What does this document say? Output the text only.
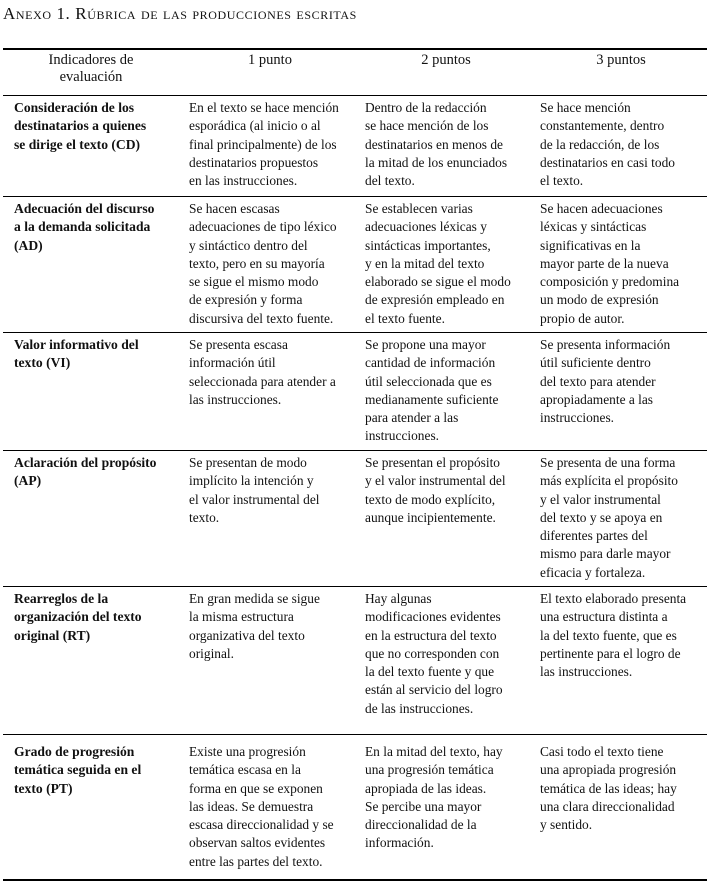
Anexo 1. Rúbrica de las producciones escritas
Indicadores de
evaluación
1 punto	2 puntos	3 puntos
Consideración de los
destinatarios a quienes
se dirige el texto (CD)
En el texto se hace mención
esporádica (al inicio o al
final principalmente) de los
destinatarios propuestos
en las instrucciones.
Dentro de la redacción
se hace mención de los
destinatarios en menos de
la mitad de los enunciados
del texto.
Se hace mención
constantemente, dentro
de la redacción, de los
destinatarios en casi todo
el texto.
Adecuación del discurso
a la demanda solicitada
(AD)
Se hacen escasas
adecuaciones de tipo léxico
y sintáctico dentro del
texto, pero en su mayoría
se sigue el mismo modo
de expresión y forma
discursiva del texto fuente.
Se establecen varias
adecuaciones léxicas y
sintácticas importantes,
y en la mitad del texto
elaborado se sigue el modo
de expresión empleado en
el texto fuente.
Se hacen adecuaciones
léxicas y sintácticas
significativas en la
mayor parte de la nueva
composición y predomina
un modo de expresión
propio de autor.
Valor informativo del
texto (VI)
Se presenta escasa
información útil
seleccionada para atender a
las instrucciones.
Se propone una mayor
cantidad de información
útil seleccionada que es
medianamente suficiente
para atender a las
instrucciones.
Se presenta información
útil suficiente dentro
del texto para atender
apropiadamente a las
instrucciones.
Aclaración del propósito
(AP)
Se presentan de modo
implícito la intención y
el valor instrumental del
texto.
Se presentan el propósito
y el valor instrumental del
texto de modo explícito,
aunque incipientemente.
Se presenta de una forma
más explícita el propósito
y el valor instrumental
del texto y se apoya en
diferentes partes del
mismo para darle mayor
eficacia y fortaleza.
Rearreglos de la
organización del texto
original (RT)
En gran medida se sigue
la misma estructura
organizativa del texto
original.
Hay algunas
modificaciones evidentes
en la estructura del texto
que no corresponden con
la del texto fuente y que
están al servicio del logro
de las instrucciones.
El texto elaborado presenta
una estructura distinta a
la del texto fuente, que es
pertinente para el logro de
las instrucciones.
Grado de progresión
temática seguida en el
texto (PT)
Existe una progresión
temática escasa en la
forma en que se exponen
las ideas. Se demuestra
escasa direccionalidad y se
observan saltos evidentes
entre las partes del texto.
En la mitad del texto, hay
una progresión temática
apropiada de las ideas.
Se percibe una mayor
direccionalidad de la
información.
Casi todo el texto tiene
una apropiada progresión
temática de las ideas; hay
una clara direccionalidad
y sentido.
